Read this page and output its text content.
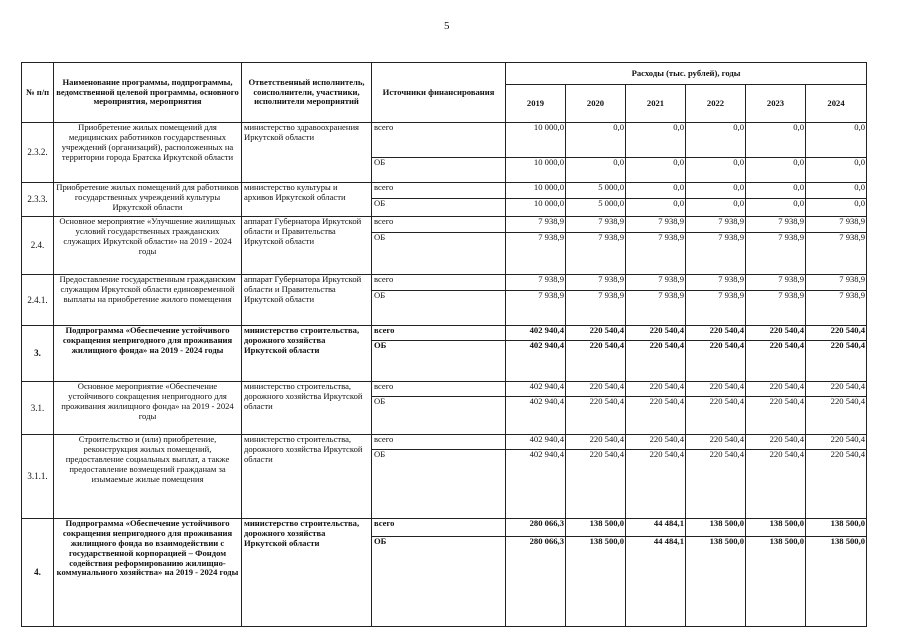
5
№ п/п	Наименование программы, подпрограммы, ведомственной целевой программы, основного мероприятия, мероприятия	Ответственный исполнитель, соисполнители, участники, исполнители мероприятий	Источники финансирования	Расходы (тыс. рублей), годы					
				2019	2020	2021	2022	2023	2024
2.3.2.	Приобретение жилых помещений для медицинских работников государственных учреждений (организаций), расположенных на территории города Братска Иркутской области	министерство здравоохранения Иркутской области	всего	10 000,0	0,0	0,0	0,0	0,0	0,0
			ОБ	10 000,0	0,0	0,0	0,0	0,0	0,0
2.3.3.	Приобретение жилых помещений для работников государственных учреждений культуры Иркутской области	министерство культуры и архивов Иркутской области	всего	10 000,0	5 000,0	0,0	0,0	0,0	0,0
			ОБ	10 000,0	5 000,0	0,0	0,0	0,0	0,0
2.4.	Основное мероприятие «Улучшение жилищных условий государственных гражданских служащих Иркутской области» на 2019 - 2024 годы	аппарат Губернатора Иркутской области и Правительства Иркутской области	всего	7 938,9	7 938,9	7 938,9	7 938,9	7 938,9	7 938,9
			ОБ	7 938,9	7 938,9	7 938,9	7 938,9	7 938,9	7 938,9
2.4.1.	Предоставление государственным гражданским служащим Иркутской области единовременной выплаты на приобретение жилого помещения	аппарат Губернатора Иркутской области и Правительства Иркутской области	всего	7 938,9	7 938,9	7 938,9	7 938,9	7 938,9	7 938,9
			ОБ	7 938,9	7 938,9	7 938,9	7 938,9	7 938,9	7 938,9
3.	Подпрограмма «Обеспечение устойчивого сокращения непригодного для проживания жилищного фонда» на 2019 - 2024 годы	министерство строительства, дорожного хозяйства Иркутской области	всего	402 940,4	220 540,4	220 540,4	220 540,4	220 540,4	220 540,4
			ОБ	402 940,4	220 540,4	220 540,4	220 540,4	220 540,4	220 540,4
3.1.	Основное мероприятие «Обеспечение устойчивого сокращения непригодного для проживания жилищного фонда» на 2019 - 2024 годы	министерство строительства, дорожного хозяйства Иркутской области	всего	402 940,4	220 540,4	220 540,4	220 540,4	220 540,4	220 540,4
			ОБ	402 940,4	220 540,4	220 540,4	220 540,4	220 540,4	220 540,4
3.1.1.	Строительство и (или) приобретение, реконструкция жилых помещений, предоставление социальных выплат, а также предоставление возмещений гражданам за изымаемые жилые помещения	министерство строительства, дорожного хозяйства Иркутской области	всего	402 940,4	220 540,4	220 540,4	220 540,4	220 540,4	220 540,4
			ОБ	402 940,4	220 540,4	220 540,4	220 540,4	220 540,4	220 540,4
4.	Подпрограмма «Обеспечение устойчивого сокращения непригодного для проживания жилищного фонда во взаимодействии с государственной корпорацией – Фондом содействия реформированию жилищно-коммунального хозяйства» на 2019 - 2024 годы	министерство строительства, дорожного хозяйства Иркутской области	всего	280 066,3	138 500,0	44 484,1	138 500,0	138 500,0	138 500,0
			ОБ	280 066,3	138 500,0	44 484,1	138 500,0	138 500,0	138 500,0
